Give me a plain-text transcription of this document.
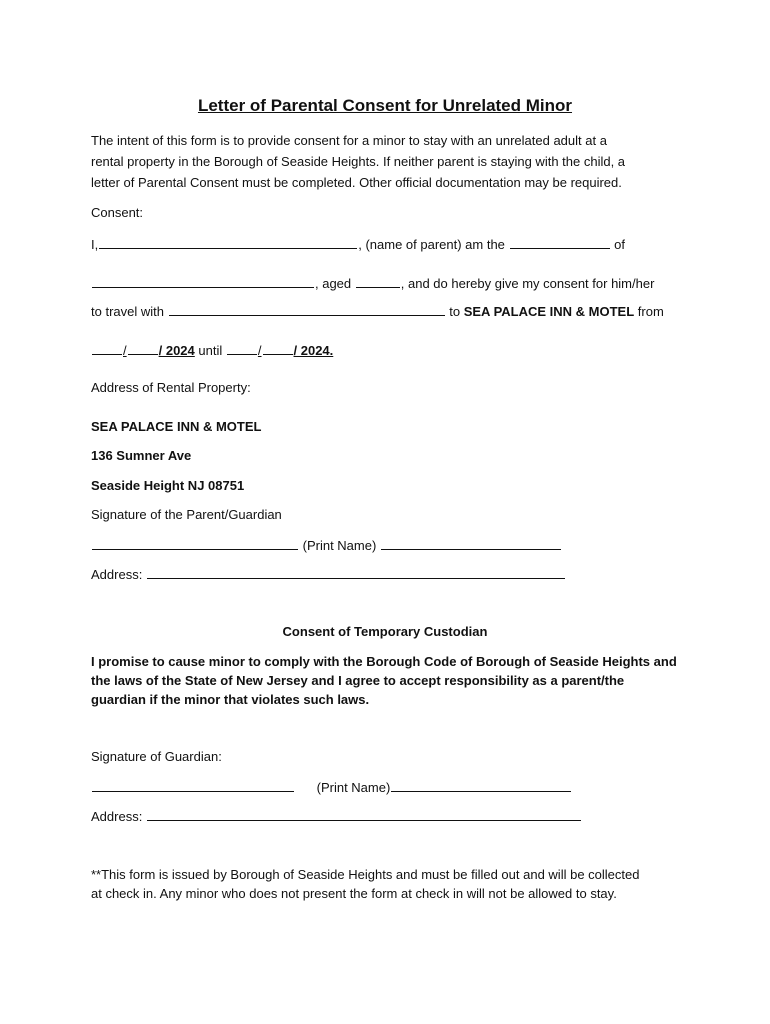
Letter of Parental Consent for Unrelated Minor
The intent of this form is to provide consent for a minor to stay with an unrelated adult at a
rental property in the Borough of Seaside Heights. If neither parent is staying with the child, a
letter of Parental Consent must be completed. Other official documentation may be required.
Consent:
I,	, (name of parent) am the	of
, aged	, and do hereby give my consent for him/her
to travel with	to SEA PALACE INN & MOTEL from
/ / 2024 until	/ / 2024.
Address of Rental Property:
SEA PALACE INN & MOTEL
136 Sumner Ave
Seaside Height NJ 08751
Signature of the Parent/Guardian
(Print Name)
Address:
Consent of Temporary Custodian
I promise to cause minor to comply with the Borough Code of Borough of Seaside Heights and
the laws of the State of New Jersey and I agree to accept responsibility as a parent/the
guardian if the minor that violates such laws.
Signature of Guardian:
(Print Name)
Address:
**This form is issued by Borough of Seaside Heights and must be filled out and will be collected
at check in. Any minor who does not present the form at check in will not be allowed to stay.
